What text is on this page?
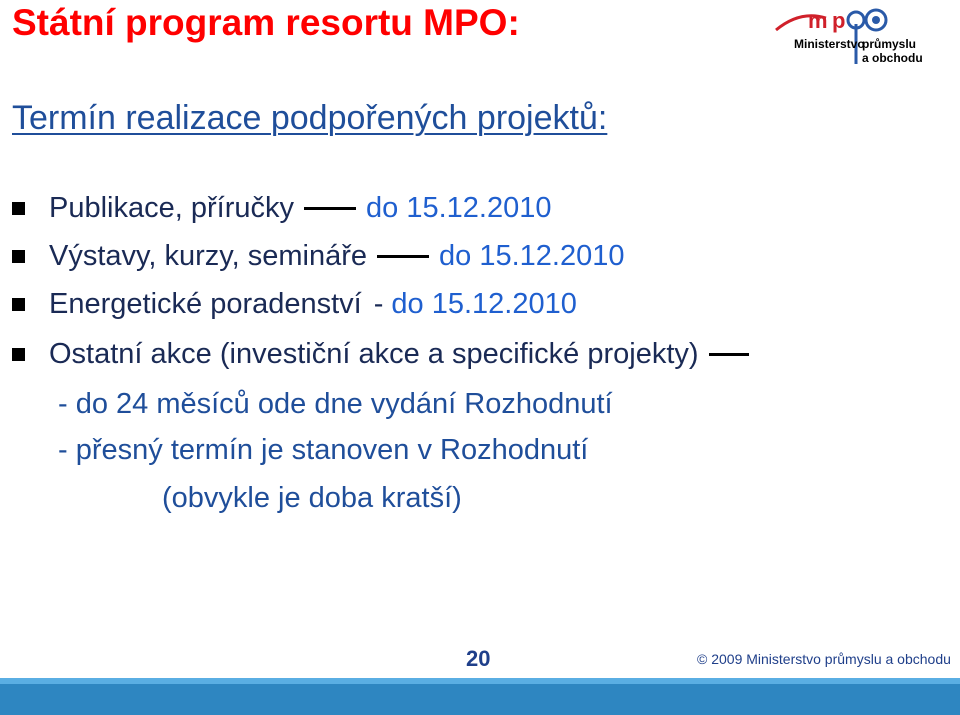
Státní program resortu MPO:	m p
Ministerstvo
průmyslu
a obchodu
Termín realizace podpořených projektů:
Publikace, příručky do 15.12.2010
Výstavy, kurzy, semináře do 15.12.2010
Energetické poradenství - do 15.12.2010
Ostatní akce (investiční akce a specifické projekty)
- do 24 měsíců ode dne vydání Rozhodnutí
- přesný termín je stanoven v Rozhodnutí
(obvykle je doba kratší)
20	© 2009 Ministerstvo průmyslu a obchodu
